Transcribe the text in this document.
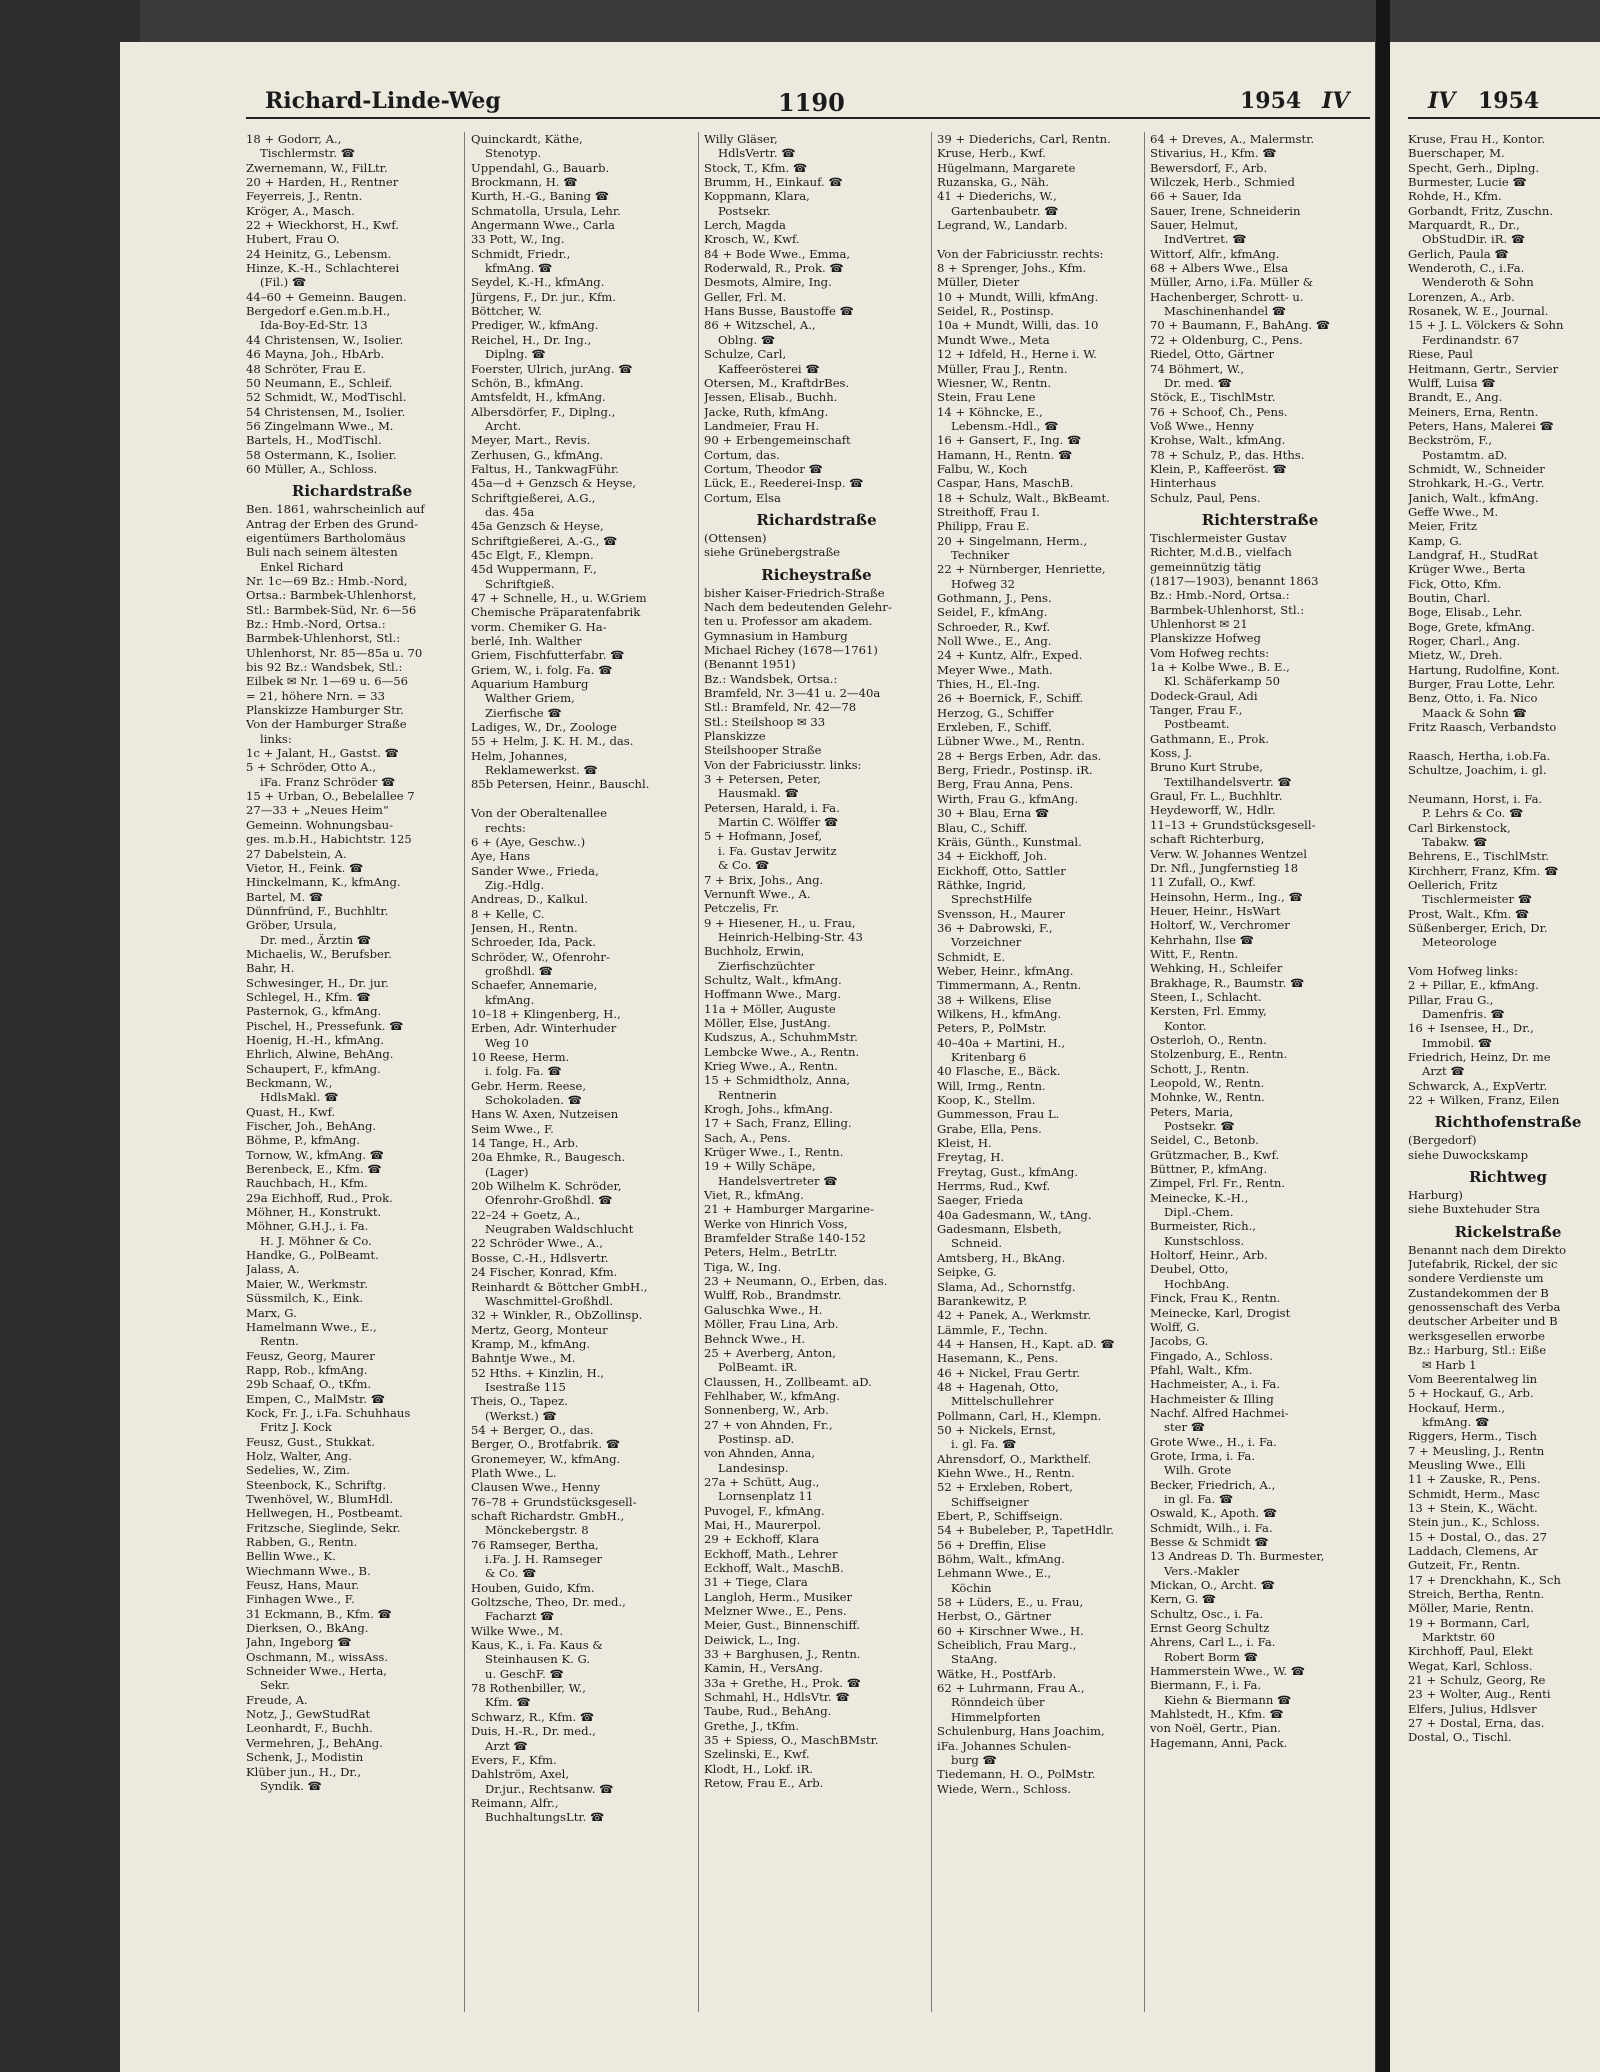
Richard-Linde-Weg	1190	1954 IV	IV 1954
18 + Godorr, A.,
Tischlermstr. ☎
Zwernemann, W., FilLtr.
20 + Harden, H., Rentner
Feyerreis, J., Rentn.
Kröger, A., Masch.
22 + Wieckhorst, H., Kwf.
Hubert, Frau O.
24 Heinitz, G., Lebensm.
Hinze, K.-H., Schlachterei
(Fil.) ☎
44–60 + Gemeinn. Baugen.
Bergedorf e.Gen.m.b.H.,
Ida-Boy-Ed-Str. 13
44 Christensen, W., Isolier.
46 Mayna, Joh., HbArb.
48 Schröter, Frau E.
50 Neumann, E., Schleif.
52 Schmidt, W., ModTischl.
54 Christensen, M., Isolier.
56 Zingelmann Wwe., M.
Bartels, H., ModTischl.
58 Ostermann, K., Isolier.
60 Müller, A., Schloss.
Richardstraße
Ben. 1861, wahrscheinlich auf
Antrag der Erben des Grund-
eigentümers Bartholomäus
Buli nach seinem ältesten
Enkel Richard
Nr. 1c—69 Bz.: Hmb.-Nord,
Ortsa.: Barmbek-Uhlenhorst,
Stl.: Barmbek-Süd, Nr. 6—56
Bz.: Hmb.-Nord, Ortsa.:
Barmbek-Uhlenhorst, Stl.:
Uhlenhorst, Nr. 85—85a u. 70
bis 92 Bz.: Wandsbek, Stl.:
Eilbek ✉ Nr. 1—69 u. 6—56
= 21, höhere Nrn. = 33
Planskizze Hamburger Str.
Von der Hamburger Straße
links:
1c + Jalant, H., Gastst. ☎
5 + Schröder, Otto A.,
iFa. Franz Schröder ☎
15 + Urban, O., Bebelallee 7
27—33 + „Neues Heim“
Gemeinn. Wohnungsbau-
ges. m.b.H., Habichtstr. 125
27 Dabelstein, A.
Vietor, H., Feink. ☎
Hinckelmann, K., kfmAng.
Bartel, M. ☎
Dünnfründ, F., Buchhltr.
Gröber, Ursula,
Dr. med., Ärztin ☎
Michaelis, W., Berufsber.
Bahr, H.
Schwesinger, H., Dr. jur.
Schlegel, H., Kfm. ☎
Pasternok, G., kfmAng.
Pischel, H., Pressefunk. ☎
Hoenig, H.-H., kfmAng.
Ehrlich, Alwine, BehAng.
Schaupert, F., kfmAng.
Beckmann, W.,
HdlsMakl. ☎
Quast, H., Kwf.
Fischer, Joh., BehAng.
Böhme, P., kfmAng.
Tornow, W., kfmAng. ☎
Berenbeck, E., Kfm. ☎
Rauchbach, H., Kfm.
29a Eichhoff, Rud., Prok.
Möhner, H., Konstrukt.
Möhner, G.H.J., i. Fa.
H. J. Möhner & Co.
Handke, G., PolBeamt.
Jalass, A.
Maier, W., Werkmstr.
Süssmilch, K., Eink.
Marx, G.
Hamelmann Wwe., E.,
Rentn.
Feusz, Georg, Maurer
Rapp, Rob., kfmAng.
29b Schaaf, O., tKfm.
Empen, C., MalMstr. ☎
Kock, Fr. J., i.Fa. Schuhhaus
Fritz J. Kock
Feusz, Gust., Stukkat.
Holz, Walter, Ang.
Sedelies, W., Zim.
Steenbock, K., Schriftg.
Twenhövel, W., BlumHdl.
Hellwegen, H., Postbeamt.
Fritzsche, Sieglinde, Sekr.
Rabben, G., Rentn.
Bellin Wwe., K.
Wiechmann Wwe., B.
Feusz, Hans, Maur.
Finhagen Wwe., F.
31 Eckmann, B., Kfm. ☎
Dierksen, O., BkAng.
Jahn, Ingeborg ☎
Oschmann, M., wissAss.
Schneider Wwe., Herta,
Sekr.
Freude, A.
Notz, J., GewStudRat
Leonhardt, F., Buchh.
Vermehren, J., BehAng.
Schenk, J., Modistin
Klüber jun., H., Dr.,
Syndik. ☎
Quinckardt, Käthe,
Stenotyp.
Uppendahl, G., Bauarb.
Brockmann, H. ☎
Kurth, H.-G., Baning ☎
Schmatolla, Ursula, Lehr.
Angermann Wwe., Carla
33 Pott, W., Ing.
Schmidt, Friedr.,
kfmAng. ☎
Seydel, K.-H., kfmAng.
Jürgens, F., Dr. jur., Kfm.
Böttcher, W.
Prediger, W., kfmAng.
Reichel, H., Dr. Ing.,
Diplng. ☎
Foerster, Ulrich, jurAng. ☎
Schön, B., kfmAng.
Amtsfeldt, H., kfmAng.
Albersdörfer, F., Diplng.,
Archt.
Meyer, Mart., Revis.
Zerhusen, G., kfmAng.
Faltus, H., TankwagFühr.
45a—d + Genzsch & Heyse,
Schriftgießerei, A.G.,
das. 45a
45a Genzsch & Heyse,
Schriftgießerei, A.-G., ☎
45c Elgt, F., Klempn.
45d Wuppermann, F.,
Schriftgieß.
47 + Schnelle, H., u. W.Griem
Chemische Präparatenfabrik
vorm. Chemiker G. Ha-
berlé, Inh. Walther
Griem, Fischfutterfabr. ☎
Griem, W., i. folg. Fa. ☎
Aquarium Hamburg
Walther Griem,
Zierfische ☎
Ladiges, W., Dr., Zoologe
55 + Helm, J. K. H. M., das.
Helm, Johannes,
Reklamewerkst. ☎
85b Petersen, Heinr., Bauschl.

Von der Oberaltenallee
rechts:
6 + (Aye, Geschw..)
Aye, Hans
Sander Wwe., Frieda,
Zig.-Hdlg.
Andreas, D., Kalkul.
8 + Kelle, C.
Jensen, H., Rentn.
Schroeder, Ida, Pack.
Schröder, W., Ofenrohr-
großhdl. ☎
Schaefer, Annemarie,
kfmAng.
10–18 + Klingenberg, H.,
Erben, Adr. Winterhuder
Weg 10
10 Reese, Herm.
i. folg. Fa. ☎
Gebr. Herm. Reese,
Schokoladen. ☎
Hans W. Axen, Nutzeisen
Seim Wwe., F.
14 Tange, H., Arb.
20a Ehmke, R., Baugesch.
(Lager)
20b Wilhelm K. Schröder,
Ofenrohr-Großhdl. ☎
22–24 + Goetz, A.,
Neugraben Waldschlucht
22 Schröder Wwe., A.,
Bosse, C.-H., Hdlsvertr.
24 Fischer, Konrad, Kfm.
Reinhardt & Böttcher GmbH.,
Waschmittel-Großhdl.
32 + Winkler, R., ObZollinsp.
Mertz, Georg, Monteur
Kramp, M., kfmAng.
Bahntje Wwe., M.
52 Hths. + Kinzlin, H.,
Isestraße 115
Theis, O., Tapez.
(Werkst.) ☎
54 + Berger, O., das.
Berger, O., Brotfabrik. ☎
Gronemeyer, W., kfmAng.
Plath Wwe., L.
Clausen Wwe., Henny
76–78 + Grundstücksgesell-
schaft Richardstr. GmbH.,
Mönckebergstr. 8
76 Ramseger, Bertha,
i.Fa. J. H. Ramseger
& Co. ☎
Houben, Guido, Kfm.
Goltzsche, Theo, Dr. med.,
Facharzt ☎
Wilke Wwe., M.
Kaus, K., i. Fa. Kaus &
Steinhausen K. G.
u. GeschF. ☎
78 Rothenbiller, W.,
Kfm. ☎
Schwarz, R., Kfm. ☎
Duis, H.-R., Dr. med.,
Arzt ☎
Evers, F., Kfm.
Dahlström, Axel,
Dr.jur., Rechtsanw. ☎
Reimann, Alfr.,
BuchhaltungsLtr. ☎
Willy Gläser,
HdlsVertr. ☎
Stock, T., Kfm. ☎
Brumm, H., Einkauf. ☎
Koppmann, Klara,
Postsekr.
Lerch, Magda
Krosch, W., Kwf.
84 + Bode Wwe., Emma,
Roderwald, R., Prok. ☎
Desmots, Almire, Ing.
Geller, Frl. M.
Hans Busse, Baustoffe ☎
86 + Witzschel, A.,
Oblng. ☎
Schulze, Carl,
Kaffeerösterei ☎
Otersen, M., KraftdrBes.
Jessen, Elisab., Buchh.
Jacke, Ruth, kfmAng.
Landmeier, Frau H.
90 + Erbengemeinschaft
Cortum, das.
Cortum, Theodor ☎
Lück, E., Reederei-Insp. ☎
Cortum, Elsa
Richardstraße
(Ottensen)
siehe Grünebergstraße
Richeystraße
bisher Kaiser-Friedrich-Straße
Nach dem bedeutenden Gelehr-
ten u. Professor am akadem.
Gymnasium in Hamburg
Michael Richey (1678—1761)
(Benannt 1951)
Bz.: Wandsbek, Ortsa.:
Bramfeld, Nr. 3—41 u. 2—40a
Stl.: Bramfeld, Nr. 42—78
Stl.: Steilshoop ✉ 33
Planskizze
Steilshooper Straße
Von der Fabriciusstr. links:
3 + Petersen, Peter,
Hausmakl. ☎
Petersen, Harald, i. Fa.
Martin C. Wölffer ☎
5 + Hofmann, Josef,
i. Fa. Gustav Jerwitz
& Co. ☎
7 + Brix, Johs., Ang.
Vernunft Wwe., A.
Petczelis, Fr.
9 + Hiesener, H., u. Frau,
Heinrich-Helbing-Str. 43
Buchholz, Erwin,
Zierfischzüchter
Schultz, Walt., kfmAng.
Hoffmann Wwe., Marg.
11a + Möller, Auguste
Möller, Else, JustAng.
Kudszus, A., SchuhmMstr.
Lembcke Wwe., A., Rentn.
Krieg Wwe., A., Rentn.
15 + Schmidtholz, Anna,
Rentnerin
Krogh, Johs., kfmAng.
17 + Sach, Franz, Elling.
Sach, A., Pens.
Krüger Wwe., I., Rentn.
19 + Willy Schäpe,
Handelsvertreter ☎
Viet, R., kfmAng.
21 + Hamburger Margarine-
Werke von Hinrich Voss,
Bramfelder Straße 140-152
Peters, Helm., BetrLtr.
Tiga, W., Ing.
23 + Neumann, O., Erben, das.
Wulff, Rob., Brandmstr.
Galuschka Wwe., H.
Möller, Frau Lina, Arb.
Behnck Wwe., H.
25 + Averberg, Anton,
PolBeamt. iR.
Claussen, H., Zollbeamt. aD.
Fehlhaber, W., kfmAng.
Sonnenberg, W., Arb.
27 + von Ahnden, Fr.,
Postinsp. aD.
von Ahnden, Anna,
Landesinsp.
27a + Schütt, Aug.,
Lornsenplatz 11
Puvogel, F., kfmAng.
Mai, H., Maurerpol.
29 + Eckhoff, Klara
Eckhoff, Math., Lehrer
Eckhoff, Walt., MaschB.
31 + Tiege, Clara
Langloh, Herm., Musiker
Melzner Wwe., E., Pens.
Meier, Gust., Binnenschiff.
Deiwick, L., Ing.
33 + Barghusen, J., Rentn.
Kamin, H., VersAng.
33a + Grethe, H., Prok. ☎
Schmahl, H., HdlsVtr. ☎
Taube, Rud., BehAng.
Grethe, J., tKfm.
35 + Spiess, O., MaschBMstr.
Szelinski, E., Kwf.
Klodt, H., Lokf. iR.
Retow, Frau E., Arb.
39 + Diederichs, Carl, Rentn.
Kruse, Herb., Kwf.
Hügelmann, Margarete
Ruzanska, G., Näh.
41 + Diederichs, W.,
Gartenbaubetr. ☎
Legrand, W., Landarb.

Von der Fabriciusstr. rechts:
8 + Sprenger, Johs., Kfm.
Müller, Dieter
10 + Mundt, Willi, kfmAng.
Seidel, R., Postinsp.
10a + Mundt, Willi, das. 10
Mundt Wwe., Meta
12 + Idfeld, H., Herne i. W.
Müller, Frau J., Rentn.
Wiesner, W., Rentn.
Stein, Frau Lene
14 + Köhncke, E.,
Lebensm.-Hdl., ☎
16 + Gansert, F., Ing. ☎
Hamann, H., Rentn. ☎
Falbu, W., Koch
Caspar, Hans, MaschB.
18 + Schulz, Walt., BkBeamt.
Streithoff, Frau I.
Philipp, Frau E.
20 + Singelmann, Herm.,
Techniker
22 + Nürnberger, Henriette,
Hofweg 32
Gothmann, J., Pens.
Seidel, F., kfmAng.
Schroeder, R., Kwf.
Noll Wwe., E., Ang.
24 + Kuntz, Alfr., Exped.
Meyer Wwe., Math.
Thies, H., El.-Ing.
26 + Boernick, F., Schiff.
Herzog, G., Schiffer
Erxleben, F., Schiff.
Lübner Wwe., M., Rentn.
28 + Bergs Erben, Adr. das.
Berg, Friedr., Postinsp. iR.
Berg, Frau Anna, Pens.
Wirth, Frau G., kfmAng.
30 + Blau, Erna ☎
Blau, C., Schiff.
Kräis, Günth., Kunstmal.
34 + Eickhoff, Joh.
Eickhoff, Otto, Sattler
Räthke, Ingrid,
SprechstHilfe
Svensson, H., Maurer
36 + Dabrowski, F.,
Vorzeichner
Schmidt, E.
Weber, Heinr., kfmAng.
Timmermann, A., Rentn.
38 + Wilkens, Elise
Wilkens, H., kfmAng.
Peters, P., PolMstr.
40–40a + Martini, H.,
Kritenbarg 6
40 Flasche, E., Bäck.
Will, Irmg., Rentn.
Koop, K., Stellm.
Gummesson, Frau L.
Grabe, Ella, Pens.
Kleist, H.
Freytag, H.
Freytag, Gust., kfmAng.
Herrms, Rud., Kwf.
Saeger, Frieda
40a Gadesmann, W., tAng.
Gadesmann, Elsbeth,
Schneid.
Amtsberg, H., BkAng.
Seipke, G.
Slama, Ad., Schornstfg.
Barankewitz, P.
42 + Panek, A., Werkmstr.
Lämmle, F., Techn.
44 + Hansen, H., Kapt. aD. ☎
Hasemann, K., Pens.
46 + Nickel, Frau Gertr.
48 + Hagenah, Otto,
Mittelschullehrer
Pollmann, Carl, H., Klempn.
50 + Nickels, Ernst,
i. gl. Fa. ☎
Ahrensdorf, O., Markthelf.
Kiehn Wwe., H., Rentn.
52 + Erxleben, Robert,
Schiffseigner
Ebert, P., Schiffseign.
54 + Bubeleber, P., TapetHdlr.
56 + Dreffin, Elise
Böhm, Walt., kfmAng.
Lehmann Wwe., E.,
Köchin
58 + Lüders, E., u. Frau,
Herbst, O., Gärtner
60 + Kirschner Wwe., H.
Scheiblich, Frau Marg.,
StaAng.
Wätke, H., PostfArb.
62 + Luhrmann, Frau A.,
Rönndeich über
Himmelpforten
Schulenburg, Hans Joachim,
iFa. Johannes Schulen-
burg ☎
Tiedemann, H. O., PolMstr.
Wiede, Wern., Schloss.
64 + Dreves, A., Malermstr.
Stivarius, H., Kfm. ☎
Bewersdorf, F., Arb.
Wilczek, Herb., Schmied
66 + Sauer, Ida
Sauer, Irene, Schneiderin
Sauer, Helmut,
IndVertret. ☎
Wittorf, Alfr., kfmAng.
68 + Albers Wwe., Elsa
Müller, Arno, i.Fa. Müller &
Hachenberger, Schrott- u.
Maschinenhandel ☎
70 + Baumann, F., BahAng. ☎
72 + Oldenburg, C., Pens.
Riedel, Otto, Gärtner
74 Böhmert, W.,
Dr. med. ☎
Stöck, E., TischlMstr.
76 + Schoof, Ch., Pens.
Voß Wwe., Henny
Krohse, Walt., kfmAng.
78 + Schulz, P., das. Hths.
Klein, P., Kaffeeröst. ☎
Hinterhaus
Schulz, Paul, Pens.
Richterstraße
Tischlermeister Gustav
Richter, M.d.B., vielfach
gemeinnützig tätig
(1817—1903), benannt 1863
Bz.: Hmb.-Nord, Ortsa.:
Barmbek-Uhlenhorst, Stl.:
Uhlenhorst ✉ 21
Planskizze Hofweg
Vom Hofweg rechts:
1a + Kolbe Wwe., B. E.,
Kl. Schäferkamp 50
Dodeck-Graul, Adi
Tanger, Frau F.,
Postbeamt.
Gathmann, E., Prok.
Koss, J.
Bruno Kurt Strube,
Textilhandelsvertr. ☎
Graul, Fr. L., Buchhltr.
Heydeworff, W., Hdlr.
11–13 + Grundstücksgesell-
schaft Richterburg,
Verw. W. Johannes Wentzel
Dr. Nfl., Jungfernstieg 18
11 Zufall, O., Kwf.
Heinsohn, Herm., Ing., ☎
Heuer, Heinr., HsWart
Holtorf, W., Verchromer
Kehrhahn, Ilse ☎
Witt, F., Rentn.
Wehking, H., Schleifer
Brakhage, R., Baumstr. ☎
Steen, I., Schlacht.
Kersten, Frl. Emmy,
Kontor.
Osterloh, O., Rentn.
Stolzenburg, E., Rentn.
Schott, J., Rentn.
Leopold, W., Rentn.
Mohnke, W., Rentn.
Peters, Maria,
Postsekr. ☎
Seidel, C., Betonb.
Grützmacher, B., Kwf.
Büttner, P., kfmAng.
Zimpel, Frl. Fr., Rentn.
Meinecke, K.-H.,
Dipl.-Chem.
Burmeister, Rich.,
Kunstschloss.
Holtorf, Heinr., Arb.
Deubel, Otto,
HochbAng.
Finck, Frau K., Rentn.
Meinecke, Karl, Drogist
Wolff, G.
Jacobs, G.
Fingado, A., Schloss.
Pfahl, Walt., Kfm.
Hachmeister, A., i. Fa.
Hachmeister & Illing
Nachf. Alfred Hachmei-
ster ☎
Grote Wwe., H., i. Fa.
Grote, Irma, i. Fa.
Wilh. Grote
Becker, Friedrich, A.,
in gl. Fa. ☎
Oswald, K., Apoth. ☎
Schmidt, Wilh., i. Fa.
Besse & Schmidt ☎
13 Andreas D. Th. Burmester,
Vers.-Makler
Mickan, O., Archt. ☎
Kern, G. ☎
Schultz, Osc., i. Fa.
Ernst Georg Schultz
Ahrens, Carl L., i. Fa.
Robert Borm ☎
Hammerstein Wwe., W. ☎
Biermann, F., i. Fa.
Kiehn & Biermann ☎
Mahlstedt, H., Kfm. ☎
von Noël, Gertr., Pian.
Hagemann, Anni, Pack.
Kruse, Frau H., Kontor.
Buerschaper, M.
Specht, Gerh., Diplng.
Burmester, Lucie ☎
Rohde, H., Kfm.
Gorbandt, Fritz, Zuschn.
Marquardt, R., Dr.,
ObStudDir. iR. ☎
Gerlich, Paula ☎
Wenderoth, C., i.Fa.
Wenderoth & Sohn
Lorenzen, A., Arb.
Rosanek, W. E., Journal.
15 + J. L. Völckers & Sohn
Ferdinandstr. 67
Riese, Paul
Heitmann, Gertr., Servier
Wulff, Luisa ☎
Brandt, E., Ang.
Meiners, Erna, Rentn.
Peters, Hans, Malerei ☎
Beckström, F.,
Postamtm. aD.
Schmidt, W., Schneider
Strohkark, H.-G., Vertr.
Janich, Walt., kfmAng.
Geffe Wwe., M.
Meier, Fritz
Kamp, G.
Landgraf, H., StudRat
Krüger Wwe., Berta
Fick, Otto, Kfm.
Boutin, Charl.
Boge, Elisab., Lehr.
Boge, Grete, kfmAng.
Roger, Charl., Ang.
Mietz, W., Dreh.
Hartung, Rudolfine, Kont.
Burger, Frau Lotte, Lehr.
Benz, Otto, i. Fa. Nico
Maack & Sohn ☎
Fritz Raasch, Verbandsto

Raasch, Hertha, i.ob.Fa.
Schultze, Joachim, i. gl.

Neumann, Horst, i. Fa.
P. Lehrs & Co. ☎
Carl Birkenstock,
Tabakw. ☎
Behrens, E., TischlMstr.
Kirchherr, Franz, Kfm. ☎
Oellerich, Fritz
Tischlermeister ☎
Prost, Walt., Kfm. ☎
Süßenberger, Erich, Dr.
Meteorologe

Vom Hofweg links:
2 + Pillar, E., kfmAng.
Pillar, Frau G.,
Damenfris. ☎
16 + Isensee, H., Dr.,
Immobil. ☎
Friedrich, Heinz, Dr. me
Arzt ☎
Schwarck, A., ExpVertr.
22 + Wilken, Franz, Eilen
Richthofenstraße
(Bergedorf)
siehe Duwockskamp
Richtweg
Harburg)
siehe Buxtehuder Stra
Rickelstraße
Benannt nach dem Direkto
Jutefabrik, Rickel, der sic
sondere Verdienste um
Zustandekommen der B
genossenschaft des Verba
deutscher Arbeiter und B
werksgesellen erworbe
Bz.: Harburg, Stl.: Eiße
✉ Harb 1
Vom Beerentalweg lin
5 + Hockauf, G., Arb.
Hockauf, Herm.,
kfmAng. ☎
Riggers, Herm., Tisch
7 + Meusling, J., Rentn
Meusling Wwe., Elli
11 + Zauske, R., Pens.
Schmidt, Herm., Masc
13 + Stein, K., Wächt.
Stein jun., K., Schloss.
15 + Dostal, O., das. 27
Laddach, Clemens, Ar
Gutzeit, Fr., Rentn.
17 + Drenckhahn, K., Sch
Streich, Bertha, Rentn.
Möller, Marie, Rentn.
19 + Bormann, Carl,
Marktstr. 60
Kirchhoff, Paul, Elekt
Wegat, Karl, Schloss.
21 + Schulz, Georg, Re
23 + Wolter, Aug., Renti
Elfers, Julius, Hdlsver
27 + Dostal, Erna, das.
Dostal, O., Tischl.
